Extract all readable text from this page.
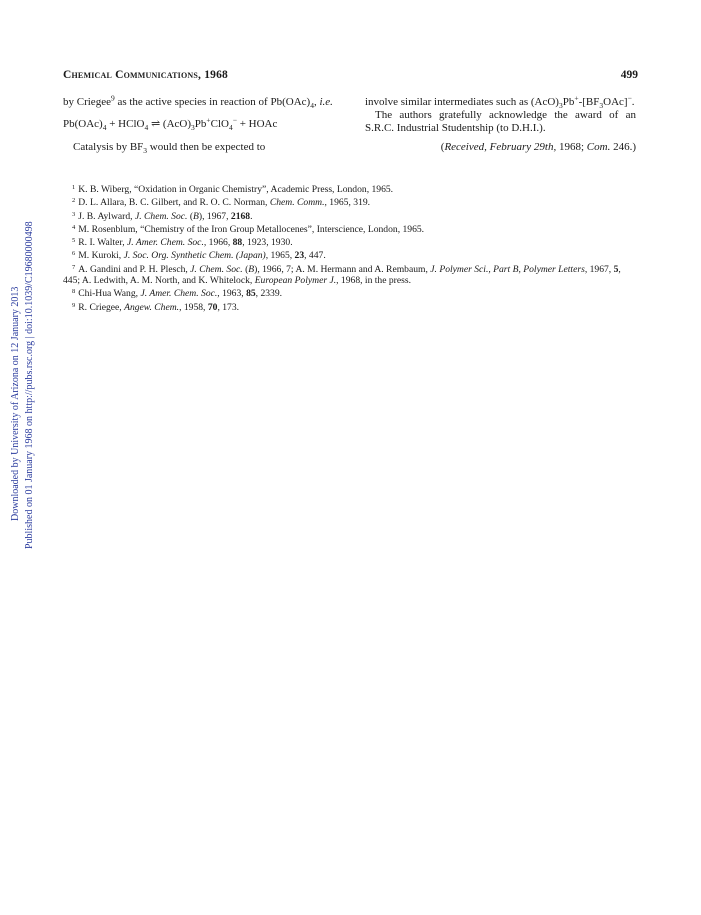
Downloaded by University of Arizona on 12 January 2013 Published on 01 January 1968 on http://pubs.rsc.org | doi:10.1039/C19680000498
Chemical Communications, 1968	499

by Criegee$^9$ as the active species in reaction of $Pb(OAc)_4$, i.e.

$Pb(OAc)_4$ + HClO$_4$ ⇌ $(AcO)_3Pb^+ClO_4^-$ + HOAc

Catalysis by $BF_3$ would then be expected to

involve similar intermediates such as $(AcO)_3Pb^+-[BF_3OAc]^-$.

The authors gratefully acknowledge the award of an S.R.C. Industrial Studentship (to D.H.I.).

(Received, February 29th, 1968; Com. 246.)

$^1$ K. B. Wiberg, “Oxidation in Organic Chemistry”, Academic Press, London, 1965.

$^2$ D. L. Allara, B. C. Gilbert, and R. O. C. Norman, Chem. Comm., 1965, 319.

$^3$ J. B. Aylward, J. Chem. Soc. (B), 1967, 2168.

$^4$ M. Rosenblum, “Chemistry of the Iron Group Metallocenes”, Interscience, London, 1965.

$^5$ R. I. Walter, J. Amer. Chem. Soc., 1966, 88, 1923, 1930.

$^6$ M. Kuroki, J. Soc. Org. Synthetic Chem. (Japan), 1965, 23, 447.

$^7$ A. Gandini and P. H. Plesch, J. Chem. Soc. (B), 1966, 7; A. M. Hermann and A. Rembaum, J. Polymer Sci., Part B, Polymer Letters, 1967, 5, 445; A. Ledwith, A. M. North, and K. Whitelock, European Polymer J., 1968, in the press.

$^8$ Chi-Hua Wang, J. Amer. Chem. Soc., 1963, 85, 2339.

$^9$ R. Criegee, Angew. Chem., 1958, 70, 173.
